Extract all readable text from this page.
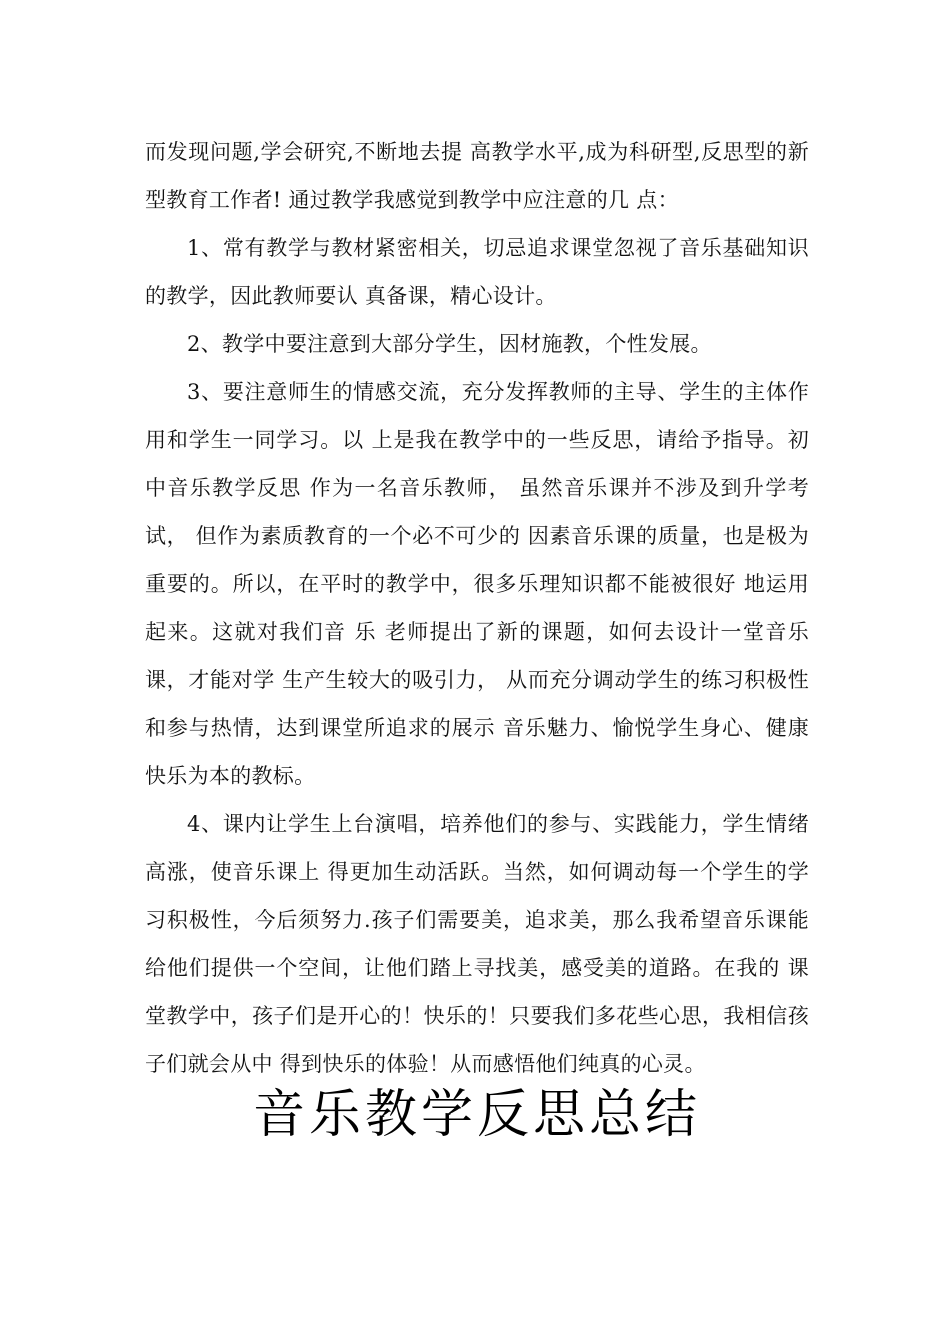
而发现问题,学会研究,不断地去提 高教学水平,成为科研型,反思型的新型教育工作者! 通过教学我感觉到教学中应注意的几 点：

1、常有教学与教材紧密相关，切忌追求课堂忽视了音乐基础知识的教学，因此教师要认 真备课，精心设计。

2、教学中要注意到大部分学生，因材施教，个性发展。

3、要注意师生的情感交流，充分发挥教师的主导、学生的主体作用和学生一同学习。以 上是我在教学中的一些反思，请给予指导。初中音乐教学反思 作为一名音乐教师， 虽然音乐课并不涉及到升学考试， 但作为素质教育的一个必不可少的 因素音乐课的质量，也是极为重要的。所以，在平时的教学中，很多乐理知识都不能被很好 地运用起来。这就对我们音 乐 老师提出了新的课题，如何去设计一堂音乐课，才能对学 生产生较大的吸引力， 从而充分调动学生的练习积极性和参与热情，达到课堂所追求的展示 音乐魅力、愉悦学生身心、健康快乐为本的教标。

4、课内让学生上台演唱，培养他们的参与、实践能力，学生情绪高涨，使音乐课上 得更加生动活跃。当然，如何调动每一个学生的学习积极性，今后须努力.孩子们需要美，追求美，那么我希望音乐课能给他们提供一个空间，让他们踏上寻找美，感受美的道路。在我的 课堂教学中，孩子们是开心的！快乐的！只要我们多花些心思，我相信孩子们就会从中 得到快乐的体验！从而感悟他们纯真的心灵。

音乐教学反思总结
